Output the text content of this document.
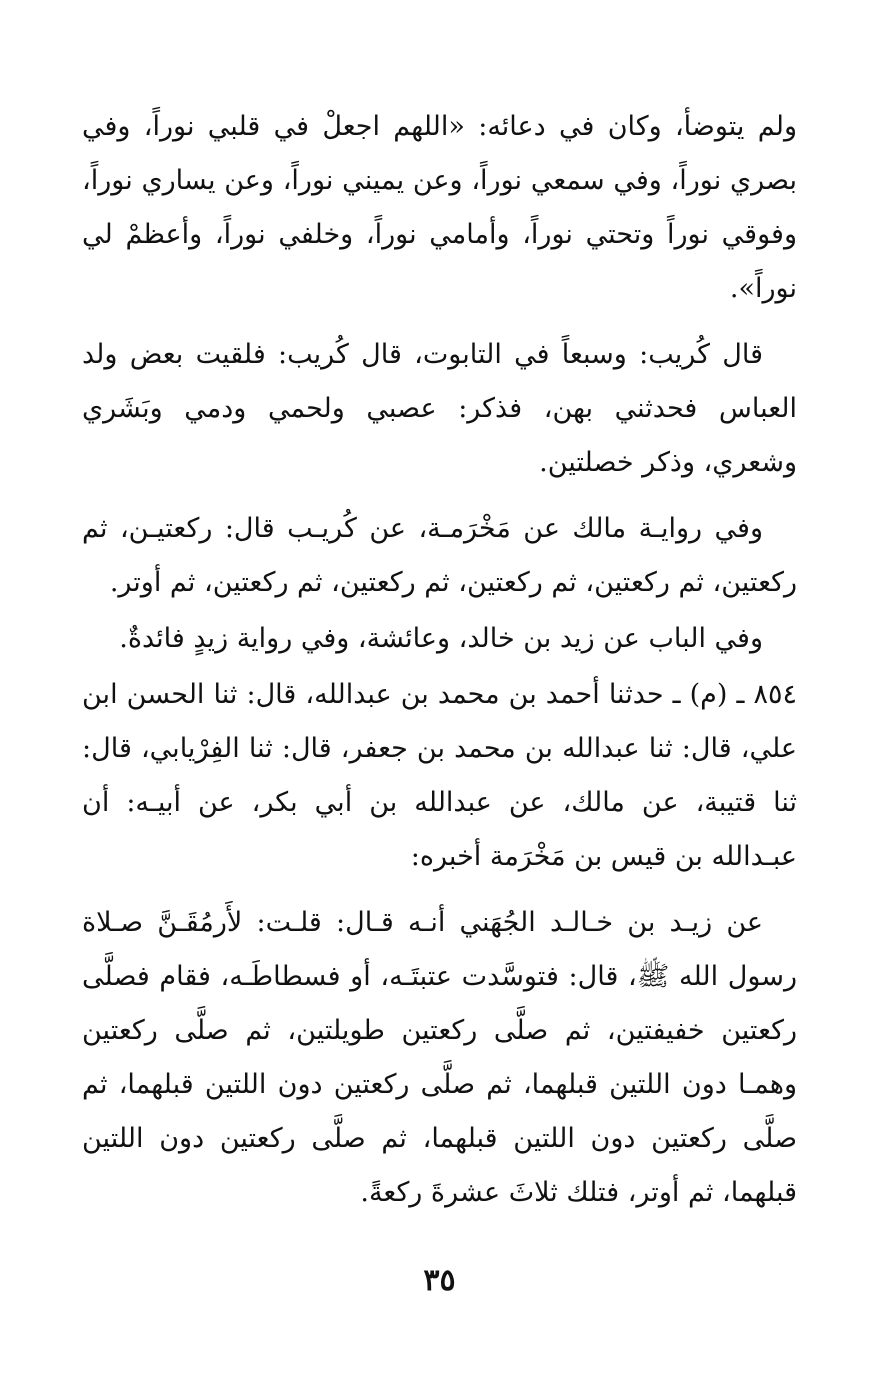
ولم يتوضأ، وكان في دعائه: «اللهم اجعلْ في قلبي نوراً، وفي بصري نوراً، وفي سمعي نوراً، وعن يميني نوراً، وعن يساري نوراً، وفوقي نوراً وتحتي نوراً، وأمامي نوراً، وخلفي نوراً، وأعظمْ لي نوراً».

قال كُريب: وسبعاً في التابوت، قال كُريب: فلقيت بعض ولد العباس فحدثني بهن، فذكر: عصبي ولحمي ودمي وبَشَري وشعري، وذكر خصلتين.

وفي روايـة مالك عن مَخْرَمـة، عن كُريـب قال: ركعتيـن، ثم ركعتين، ثم ركعتين، ثم ركعتين، ثم ركعتين، ثم ركعتين، ثم أوتر.

وفي الباب عن زيد بن خالد، وعائشة، وفي رواية زيدٍ فائدةٌ.

٨٥٤ ـ (م) ـ حدثنا أحمد بن محمد بن عبدالله، قال: ثنا الحسن ابن علي، قال: ثنا عبدالله بن محمد بن جعفر، قال: ثنا الفِرْيابي، قال: ثنا قتيبة، عن مالك، عن عبدالله بن أبي بكر، عن أبيـه: أن عبـدالله بن قيس بن مَخْرَمة أخبره:

عن زيـد بن خـالـد الجُهَني أنـه قـال: قلـت: لأَرمُقَـنَّ صـلاة رسول الله ﷺ، قال: فتوسَّدت عتبتَـه، أو فسطاطَـه، فقام فصلَّى ركعتين خفيفتين، ثم صلَّى ركعتين طويلتين، ثم صلَّى ركعتين وهمـا دون اللتين قبلهما، ثم صلَّى ركعتين دون اللتين قبلهما، ثم صلَّى ركعتين دون اللتين قبلهما، ثم صلَّى ركعتين دون اللتين قبلهما، ثم أوتر، فتلك ثلاثَ عشرةَ ركعةً.

٣٥
